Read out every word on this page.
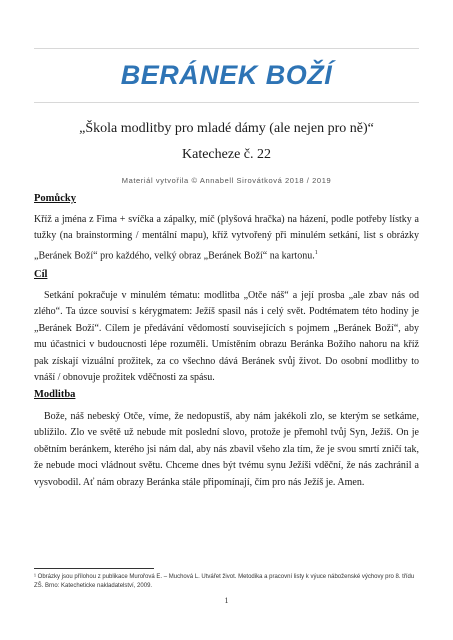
BERÁNEK BOŽÍ
„Škola modlitby pro mladé dámy (ale nejen pro ně)“
Katecheze č. 22
Materiál vytvořila © Annabell Sirovátková 2018 / 2019
Pomůcky
Kříž a jména z Fima + svíčka a zápalky, míč (plyšová hračka) na házení, podle potřeby lístky a tužky (na brainstorming / mentální mapu), kříž vytvořený při minulém setkání, list s obrázky „Beránek Boží“ pro každého, velký obraz „Beránek Boží“ na kartonu.$^1$
Cíl
Setkání pokračuje v minulém tématu: modlitba „Otče náš“ a její prosba „ale zbav nás od zlého“. Ta úzce souvisí s kérygmatem: Ježíš spasil nás i celý svět. Podtématem této hodiny je „Beránek Boží“. Cílem je předávání vědomostí souvisejících s pojmem „Beránek Boží“, aby mu účastnici v budoucnosti lépe rozuměli. Umístěním obrazu Beránka Božího nahoru na kříž pak získají vizuální prožitek, za co všechno dává Beránek svůj život. Do osobní modlitby to vnáší / obnovuje prožitek vděčnosti za spásu.
Modlitba
Bože, náš nebeský Otče, víme, že nedopustíš, aby nám jakékoli zlo, se kterým se setkáme, ublížilo. Zlo ve světě už nebude mít poslední slovo, protože je přemohl tvůj Syn, Ježíš. On je obětním beránkem, kterého jsi nám dal, aby nás zbavil všeho zla tím, že je svou smrtí zničí tak, že nebude moci vládnout světu. Chceme dnes být tvému synu Ježíši vděční, že nás zachránil a vysvobodil. Ať nám obrazy Beránka stále připomínají, čím pro nás Ježíš je. Amen.
¹ Obrázky jsou přílohou z publikace Murořová E. – Muchová L. Utvářet život. Metodika a pracovní listy k výuce náboženské výchovy pro 8. třídu ZŠ. Brno: Katecheticke nakladatelství, 2009.
1
